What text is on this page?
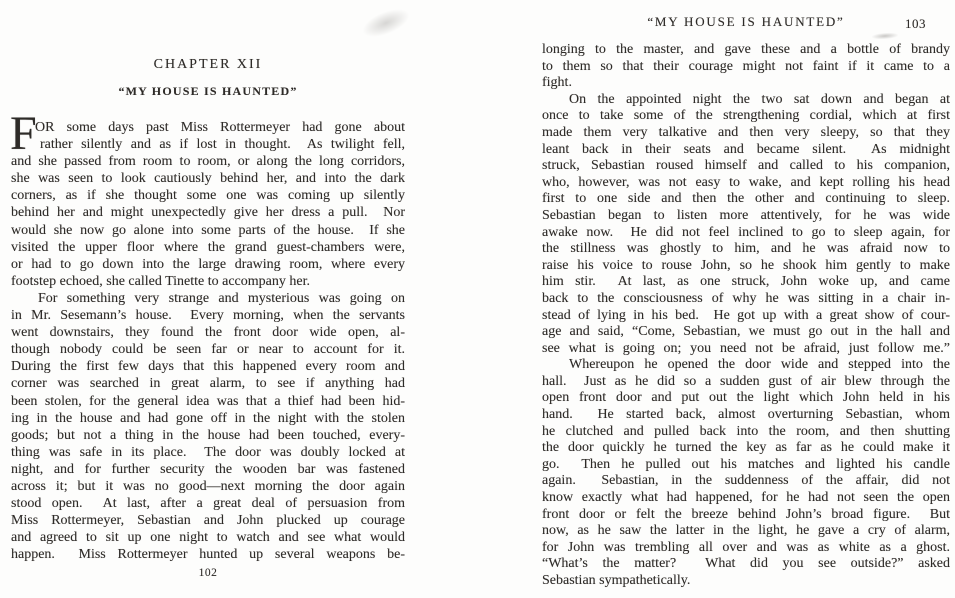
CHAPTER XII
“MY HOUSE IS HAUNTED”
F
OR some days past Miss Rottermeyer had gone about
rather silently and as if lost in thought.  As twilight fell,
and she passed from room to room, or along the long corridors,
she was seen to look cautiously behind her, and into the dark
corners, as if she thought some one was coming up silently
behind her and might unexpectedly give her dress a pull.  Nor
would she now go alone into some parts of the house.  If she
visited the upper floor where the grand guest-chambers were,
or had to go down into the large drawing room, where every
footstep echoed, she called Tinette to accompany her.
For something very strange and mysterious was going on
in Mr. Sesemann’s house.  Every morning, when the servants
went downstairs, they found the front door wide open, al-
though nobody could be seen far or near to account for it.
During the first few days that this happened every room and
corner was searched in great alarm, to see if anything had
been stolen, for the general idea was that a thief had been hid-
ing in the house and had gone off in the night with the stolen
goods; but not a thing in the house had been touched, every-
thing was safe in its place.  The door was doubly locked at
night, and for further security the wooden bar was fastened
across it; but it was no good—next morning the door again
stood open.  At last, after a great deal of persuasion from
Miss Rottermeyer, Sebastian and John plucked up courage
and agreed to sit up one night to watch and see what would
happen.  Miss Rottermeyer hunted up several weapons be-
102
“MY HOUSE IS HAUNTED”	103
longing to the master, and gave these and a bottle of brandy
to them so that their courage might not faint if it came to a
fight.
On the appointed night the two sat down and began at
once to take some of the strengthening cordial, which at first
made them very talkative and then very sleepy, so that they
leant back in their seats and became silent.  As midnight
struck, Sebastian roused himself and called to his companion,
who, however, was not easy to wake, and kept rolling his head
first to one side and then the other and continuing to sleep.
Sebastian began to listen more attentively, for he was wide
awake now.  He did not feel inclined to go to sleep again, for
the stillness was ghostly to him, and he was afraid now to
raise his voice to rouse John, so he shook him gently to make
him stir.  At last, as one struck, John woke up, and came
back to the consciousness of why he was sitting in a chair in-
stead of lying in his bed.  He got up with a great show of cour-
age and said, “Come, Sebastian, we must go out in the hall and
see what is going on; you need not be afraid, just follow me.”
Whereupon he opened the door wide and stepped into the
hall.  Just as he did so a sudden gust of air blew through the
open front door and put out the light which John held in his
hand.  He started back, almost overturning Sebastian, whom
he clutched and pulled back into the room, and then shutting
the door quickly he turned the key as far as he could make it
go.  Then he pulled out his matches and lighted his candle
again.  Sebastian, in the suddenness of the affair, did not
know exactly what had happened, for he had not seen the open
front door or felt the breeze behind John’s broad figure.  But
now, as he saw the latter in the light, he gave a cry of alarm,
for John was trembling all over and was as white as a ghost.
“What’s the matter?  What did you see outside?” asked
Sebastian sympathetically.
